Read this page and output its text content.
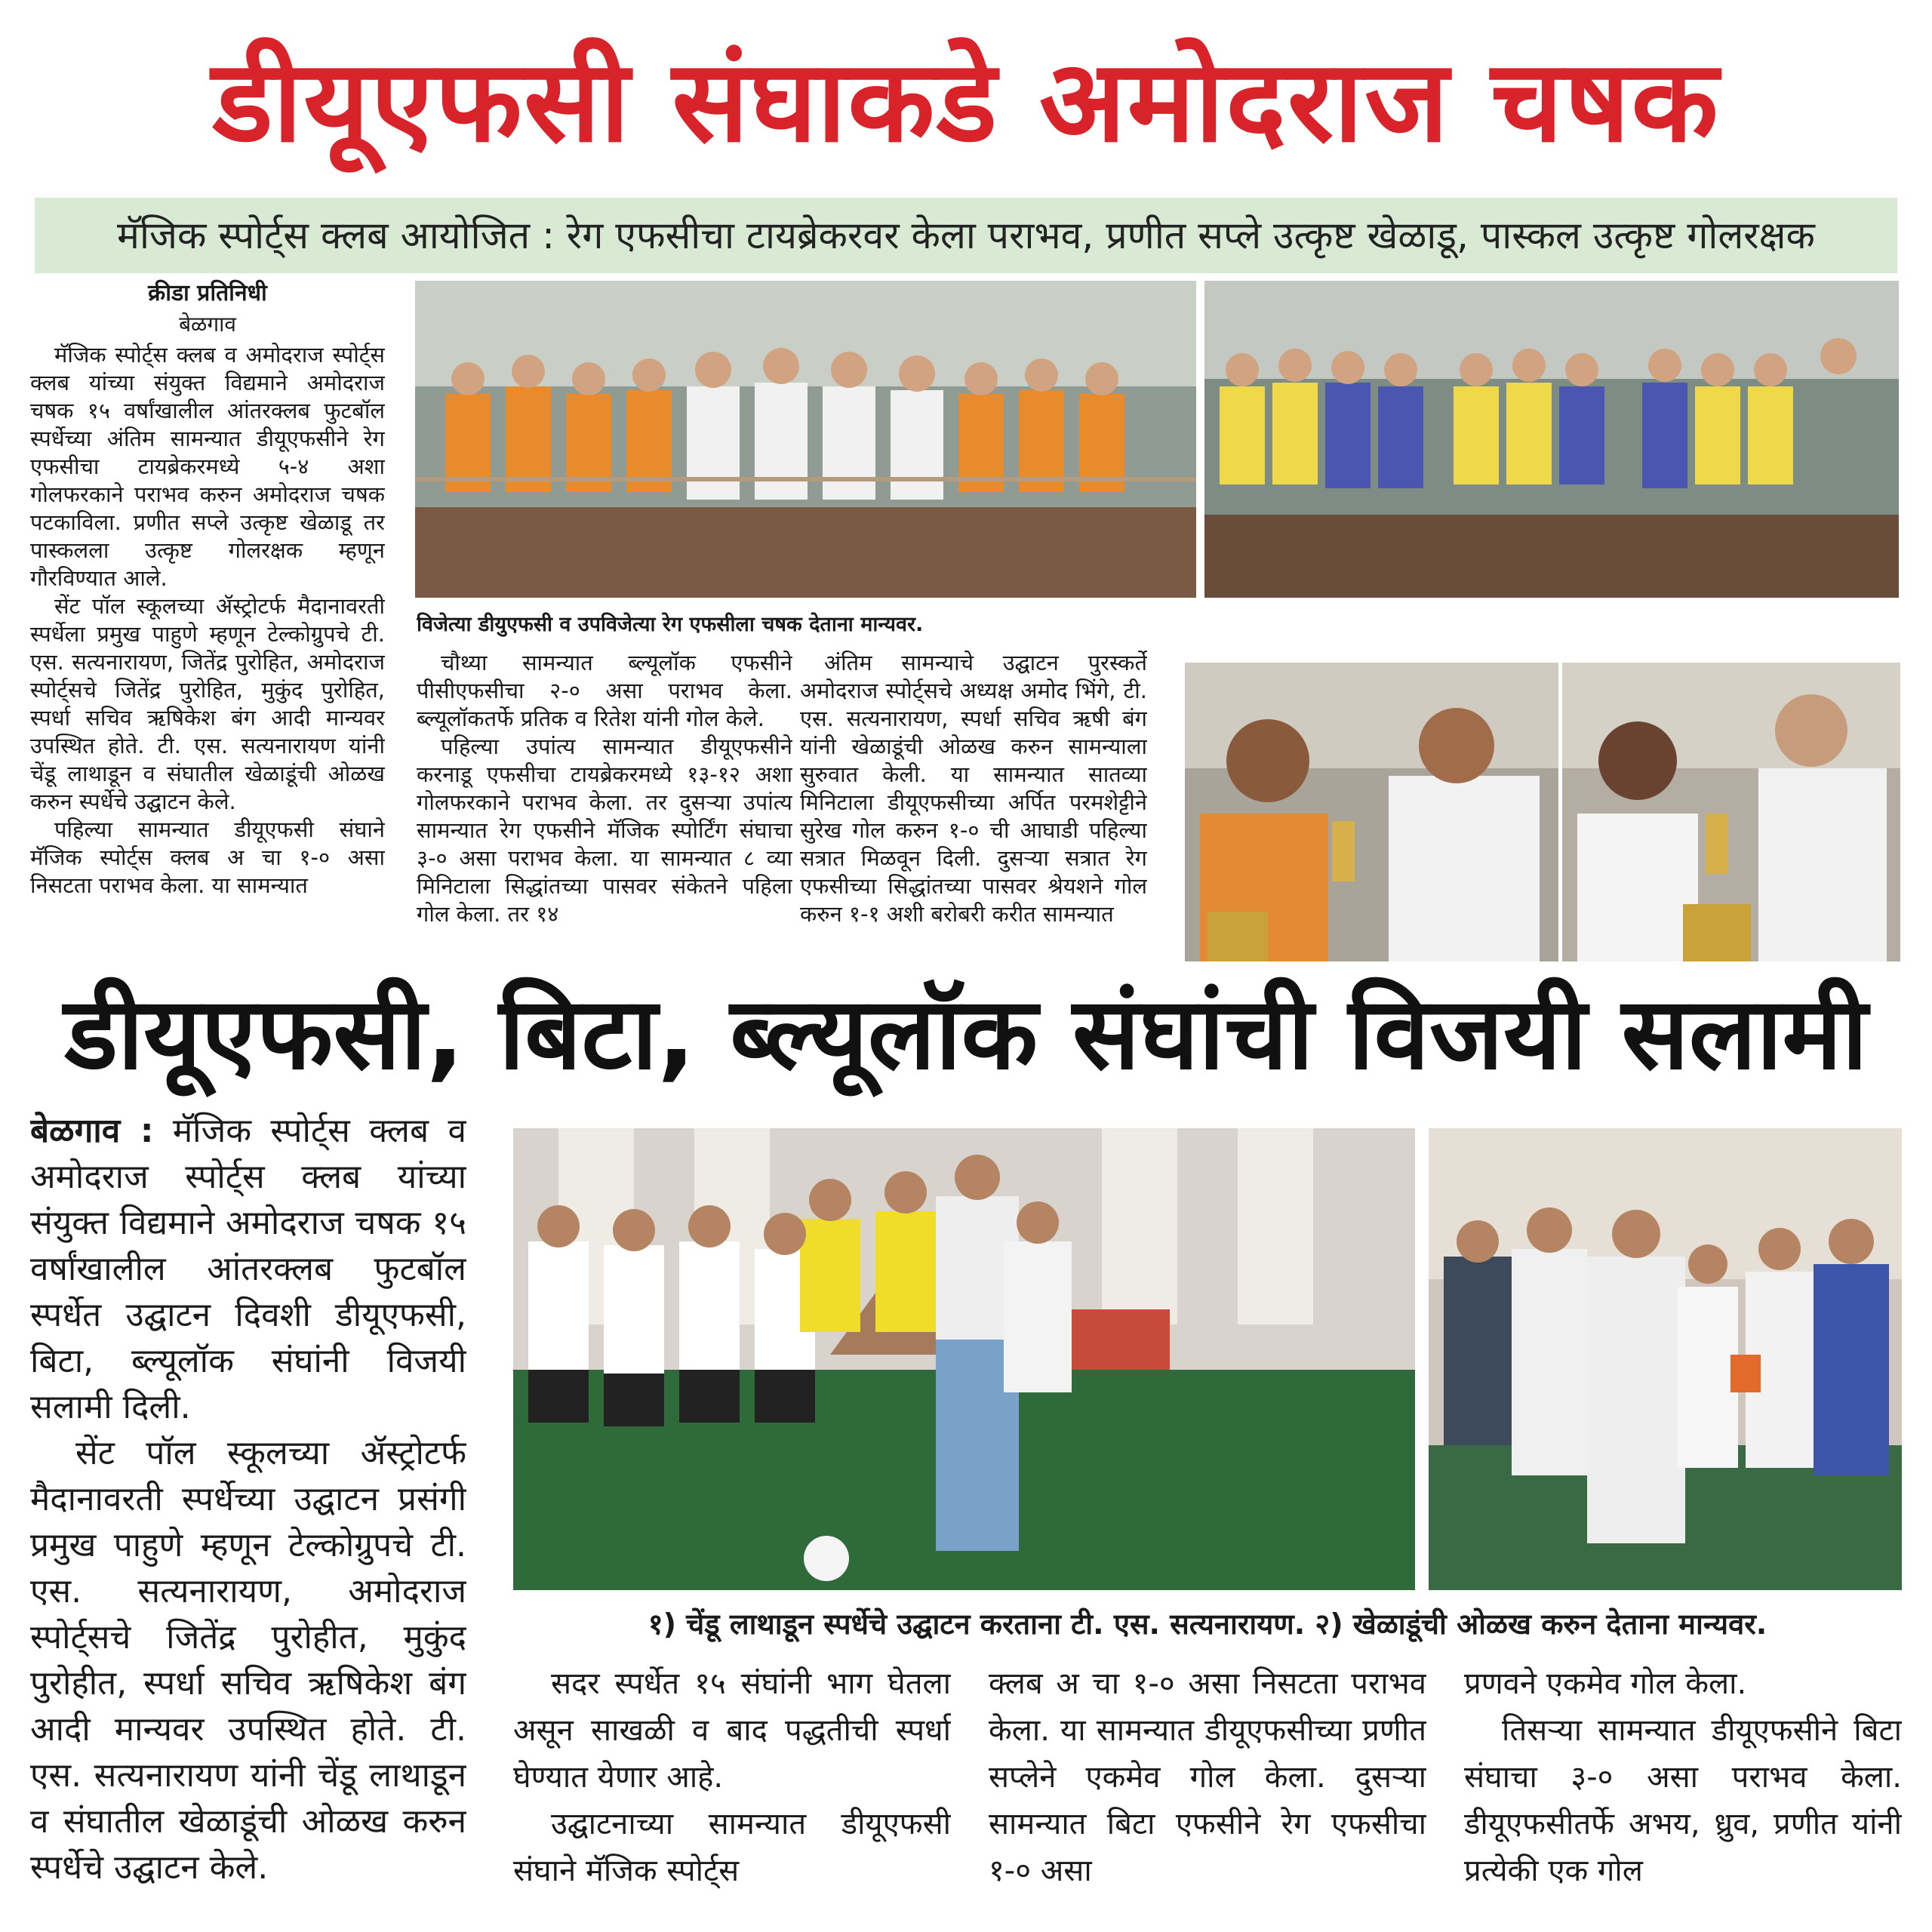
डीयूएफसी संघाकडे अमोदराज चषक
मॅजिक स्पोर्ट्स क्लब आयोजित : रेग एफसीचा टायब्रेकरवर केला पराभव, प्रणीत सप्ले उत्कृष्ट खेळाडू, पास्कल उत्कृष्ट गोलरक्षक
क्रीडा प्रतिनिधी
बेळगाव

मॅजिक स्पोर्ट्स क्लब व अमोदराज स्पोर्ट्स क्लब यांच्या संयुक्त विद्यमाने अमोदराज चषक १५ वर्षांखालील आंतरक्लब फुटबॉल स्पर्धेच्या अंतिम सामन्यात डीयूएफसीने रेग एफसीचा टायब्रेकरमध्ये ५-४ अशा गोलफरकाने पराभव करुन अमोदराज चषक पटकाविला. प्रणीत सप्ले उत्कृष्ट खेळाडू तर पास्कलला उत्कृष्ट गोलरक्षक म्हणून गौरविण्यात आले.

सेंट पॉल स्कूलच्या ॲस्ट्रोटर्फ मैदानावरती स्पर्धेला प्रमुख पाहुणे म्हणून टेल्कोग्रुपचे टी. एस. सत्यनारायण, जितेंद्र पुरोहित, अमोदराज स्पोर्ट्सचे जितेंद्र पुरोहित, मुकुंद पुरोहित, स्पर्धा सचिव ऋषिकेश बंग आदी मान्यवर उपस्थित होते. टी. एस. सत्यनारायण यांनी चेंडू लाथाडून व संघातील खेळाडूंची ओळख करुन स्पर्धेचे उद्घाटन केले.

पहिल्या सामन्यात डीयूएफसी संघाने मॅजिक स्पोर्ट्स क्लब अ चा १-० असा निसटता पराभव केला. या सामन्यात

विजेत्या डीयुएफसी व उपविजेत्या रेग एफसीला चषक देताना मान्यवर.

चौथ्या सामन्यात ब्ल्यूलॉक एफसीने पीसीएफसीचा २-० असा पराभव केला. ब्ल्यूलॉकतर्फे प्रतिक व रितेश यांनी गोल केले.

पहिल्या उपांत्य सामन्यात डीयूएफसीने करनाडू एफसीचा टायब्रेकरमध्ये १३-१२ अशा गोलफरकाने पराभव केला. तर दुसऱ्या उपांत्य सामन्यात रेग एफसीने मॅजिक स्पोर्टिंग संघाचा ३-० असा पराभव केला. या सामन्यात ८ व्या मिनिटाला सिद्धांतच्या पासवर संकेतने पहिला गोल केला. तर १४

अंतिम सामन्याचे उद्घाटन पुरस्कर्ते अमोदराज स्पोर्ट्सचे अध्यक्ष अमोद भिंगे, टी. एस. सत्यनारायण, स्पर्धा सचिव ऋषी बंग यांनी खेळाडूंची ओळख करुन सामन्याला सुरुवात केली. या सामन्यात सातव्या मिनिटाला डीयूएफसीच्या अर्पित परमशेट्टीने सुरेख गोल करुन १-० ची आघाडी पहिल्या सत्रात मिळवून दिली. दुसऱ्या सत्रात रेग एफसीच्या सिद्धांतच्या पासवर श्रेयशने गोल करुन १-१ अशी बरोबरी करीत सामन्यात

डीयूएफसी, बिटा, ब्ल्यूलॉक संघांची विजयी सलामी

बेळगाव : मॅजिक स्पोर्ट्स क्लब व अमोदराज स्पोर्ट्स क्लब यांच्या संयुक्त विद्यमाने अमोदराज चषक १५ वर्षांखालील आंतरक्लब फुटबॉल स्पर्धेत उद्घाटन दिवशी डीयूएफसी, बिटा, ब्ल्यूलॉक संघांनी विजयी सलामी दिली.

सेंट पॉल स्कूलच्या ॲस्ट्रोटर्फ मैदानावरती स्पर्धेच्या उद्घाटन प्रसंगी प्रमुख पाहुणे म्हणून टेल्कोग्रुपचे टी. एस. सत्यनारायण, अमोदराज स्पोर्ट्सचे जितेंद्र पुरोहीत, मुकुंद पुरोहीत, स्पर्धा सचिव ऋषिकेश बंग आदी मान्यवर उपस्थित होते. टी. एस. सत्यनारायण यांनी चेंडू लाथाडून व संघातील खेळाडूंची ओळख करुन स्पर्धेचे उद्घाटन केले.

१) चेंडू लाथाडून स्पर्धेचे उद्घाटन करताना टी. एस. सत्यनारायण. २) खेळाडूंची ओळख करुन देताना मान्यवर.

सदर स्पर्धेत १५ संघांनी भाग घेतला असून साखळी व बाद पद्धतीची स्पर्धा घेण्यात येणार आहे.

उद्घाटनाच्या सामन्यात डीयूएफसी संघाने मॅजिक स्पोर्ट्स

क्लब अ चा १-० असा निसटता पराभव केला. या सामन्यात डीयूएफसीच्या प्रणीत सप्लेने एकमेव गोल केला. दुसऱ्या सामन्यात बिटा एफसीने रेग एफसीचा १-० असा

प्रणवने एकमेव गोल केला.

तिसऱ्या सामन्यात डीयूएफसीने बिटा संघाचा ३-० असा पराभव केला. डीयूएफसीतर्फे अभय, ध्रुव, प्रणीत यांनी प्रत्येकी एक गोल
